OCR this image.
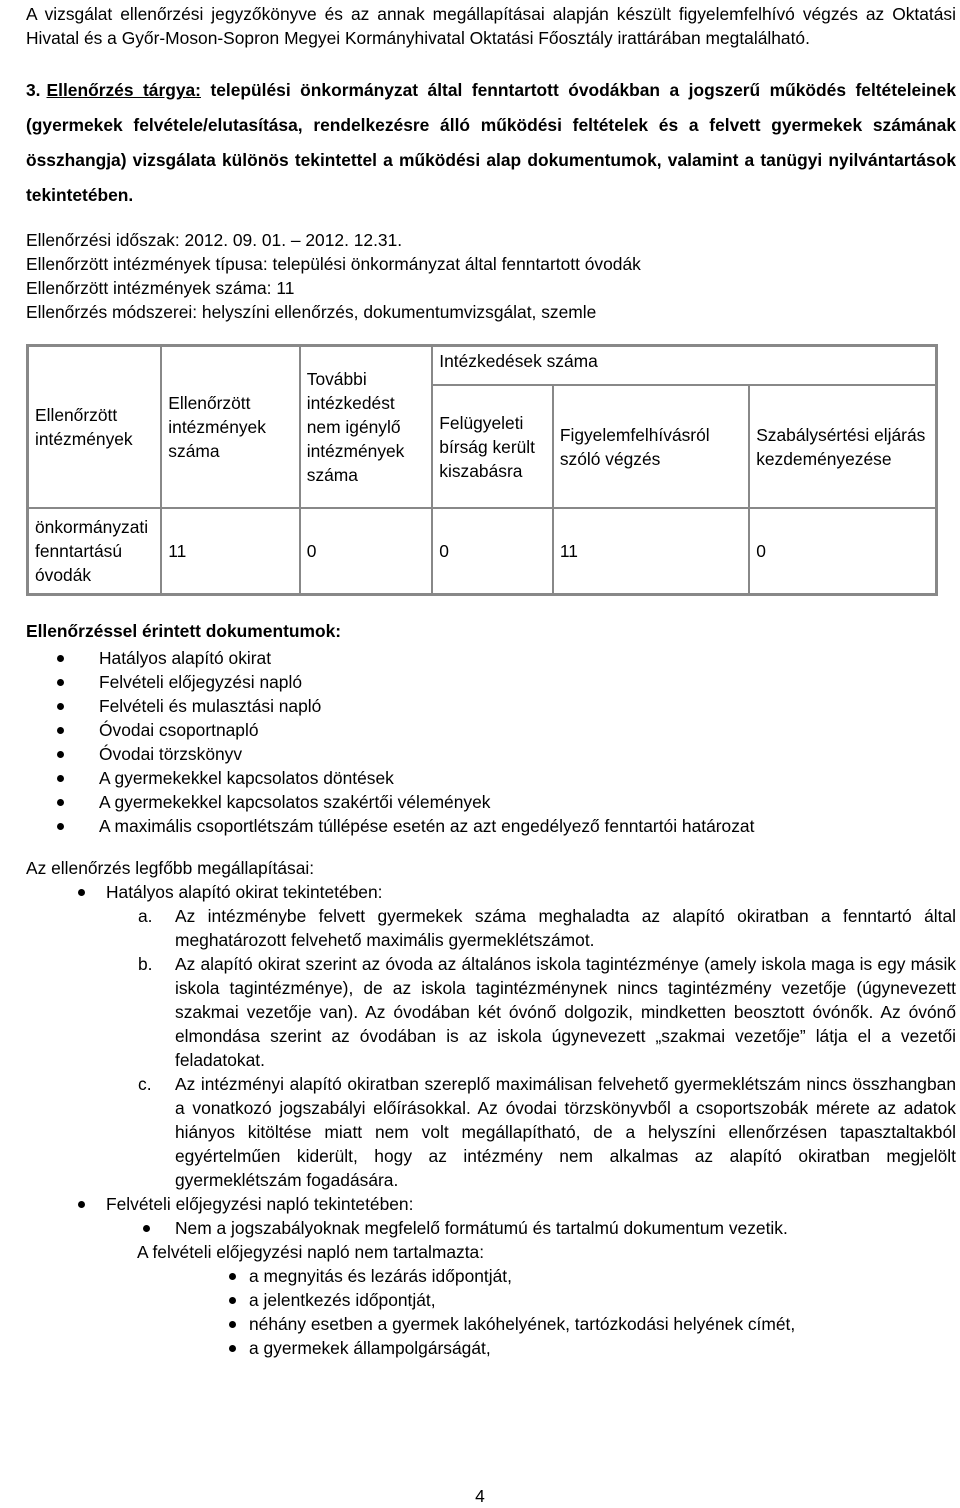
A vizsgálat ellenőrzési jegyzőkönyve és az annak megállapításai alapján készült figyelemfelhívó végzés az Oktatási Hivatal és a Győr-Moson-Sopron Megyei Kormányhivatal Oktatási Főosztály irattárában megtalálható.

3. Ellenőrzés tárgya: települési önkormányzat által fenntartott óvodákban a jogszerű működés feltételeinek (gyermekek felvétele/elutasítása, rendelkezésre álló működési feltételek és a felvett gyermekek számának összhangja) vizsgálata különös tekintettel a működési alap dokumentumok, valamint a tanügyi nyilvántartások tekintetében.

Ellenőrzési időszak: 2012. 09. 01. – 2012. 12.31.

Ellenőrzött intézmények típusa: települési önkormányzat által fenntartott óvodák

Ellenőrzött intézmények száma: 11

Ellenőrzés módszerei: helyszíni ellenőrzés, dokumentumvizsgálat, szemle

Ellenőrzött intézmények	Ellenőrzött intézmények száma	További intézkedést nem igénylő intézmények száma	Intézkedések száma		
			Felügyeleti bírság került kiszabásra	Figyelemfelhívásról szóló végzés	Szabálysértési eljárás kezdeményezése
önkormányzati fenntartású óvodák	11	0	0	11	0

Ellenőrzéssel érintett dokumentumok:

Hatályos alapító okirat
Felvételi előjegyzési napló
Felvételi és mulasztási napló
Óvodai csoportnapló
Óvodai törzskönyv
A gyermekekkel kapcsolatos döntések
A gyermekekkel kapcsolatos szakértői vélemények
A maximális csoportlétszám túllépése esetén az azt engedélyező fenntartói határozat

Az ellenőrzés legfőbb megállapításai:

Hatályos alapító okirat tekintetében:

a. Az intézménybe felvett gyermekek száma meghaladta az alapító okiratban a fenntartó által meghatározott felvehető maximális gyermeklétszámot.
b. Az alapító okirat szerint az óvoda az általános iskola tagintézménye (amely iskola maga is egy másik iskola tagintézménye), de az iskola tagintézménynek nincs tagintézmény vezetője (úgynevezett szakmai vezetője van). Az óvodában két óvónő dolgozik, mindketten beosztott óvónők. Az óvónő elmondása szerint az óvodában is az iskola úgynevezett „szakmai vezetője” látja el a vezetői feladatokat.
c. Az intézményi alapító okiratban szereplő maximálisan felvehető gyermeklétszám nincs összhangban a vonatkozó jogszabályi előírásokkal. Az óvodai törzskönyvből a csoportszobák mérete az adatok hiányos kitöltése miatt nem volt megállapítható, de a helyszíni ellenőrzésen tapasztaltakból egyértelműen kiderült, hogy az intézmény nem alkalmas az alapító okiratban megjelölt gyermeklétszám fogadására.

Felvételi előjegyzési napló tekintetében:

Nem a jogszabályoknak megfelelő formátumú és tartalmú dokumentum vezetik.

A felvételi előjegyzési napló nem tartalmazta:

a megnyitás és lezárás időpontját,

a jelentkezés időpontját,

néhány esetben a gyermek lakóhelyének, tartózkodási helyének címét,

a gyermekek állampolgárságát,

4
